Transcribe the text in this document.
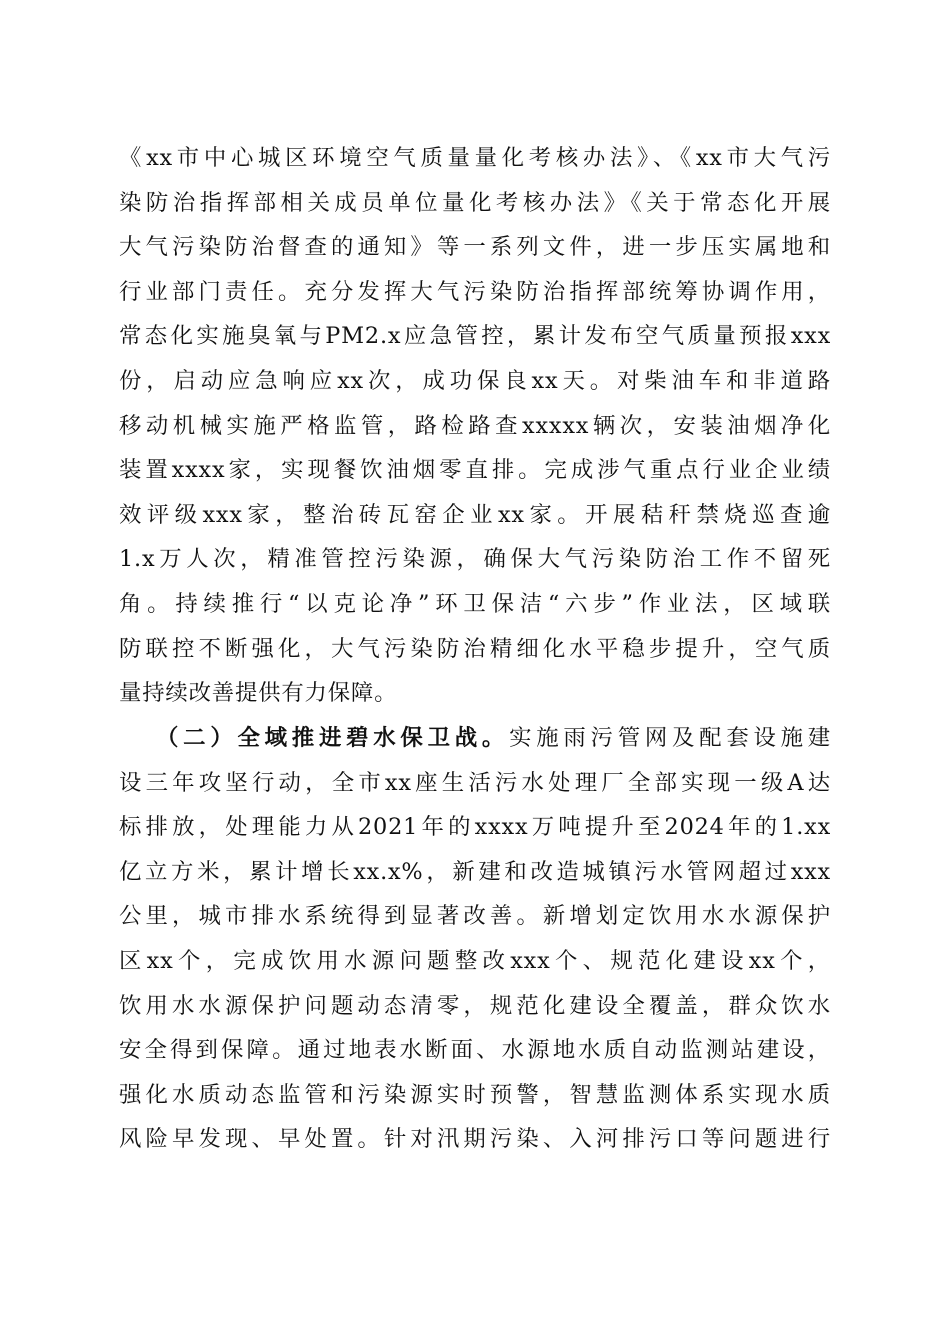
《xx市中心城区环境空气质量量化考核办法》、《xx市大气污
染防治指挥部相关成员单位量化考核办法》《关于常态化开展
大气污染防治督查的通知》等一系列文件，进一步压实属地和
行业部门责任。充分发挥大气污染防治指挥部统筹协调作用，
常态化实施臭氧与PM2.x应急管控，累计发布空气质量预报xxx
份，启动应急响应xx次，成功保良xx天。对柴油车和非道路
移动机械实施严格监管，路检路查xxxxx辆次，安装油烟净化
装置xxxx家，实现餐饮油烟零直排。完成涉气重点行业企业绩
效评级xxx家，整治砖瓦窑企业xx家。开展秸秆禁烧巡查逾
1.x万人次，精准管控污染源，确保大气污染防治工作不留死
角。持续推行“以克论净”环卫保洁“六步”作业法，区域联
防联控不断强化，大气污染防治精细化水平稳步提升，空气质
量持续改善提供有力保障。
（二）全域推进碧水保卫战。实施雨污管网及配套设施建
设三年攻坚行动，全市xx座生活污水处理厂全部实现一级A达
标排放，处理能力从2021年的xxxx万吨提升至2024年的1.xx
亿立方米，累计增长xx.x%，新建和改造城镇污水管网超过xxx
公里，城市排水系统得到显著改善。新增划定饮用水水源保护
区xx个，完成饮用水源问题整改xxx个、规范化建设xx个，
饮用水水源保护问题动态清零，规范化建设全覆盖，群众饮水
安全得到保障。通过地表水断面、水源地水质自动监测站建设，
强化水质动态监管和污染源实时预警，智慧监测体系实现水质
风险早发现、早处置。针对汛期污染、入河排污口等问题进行
